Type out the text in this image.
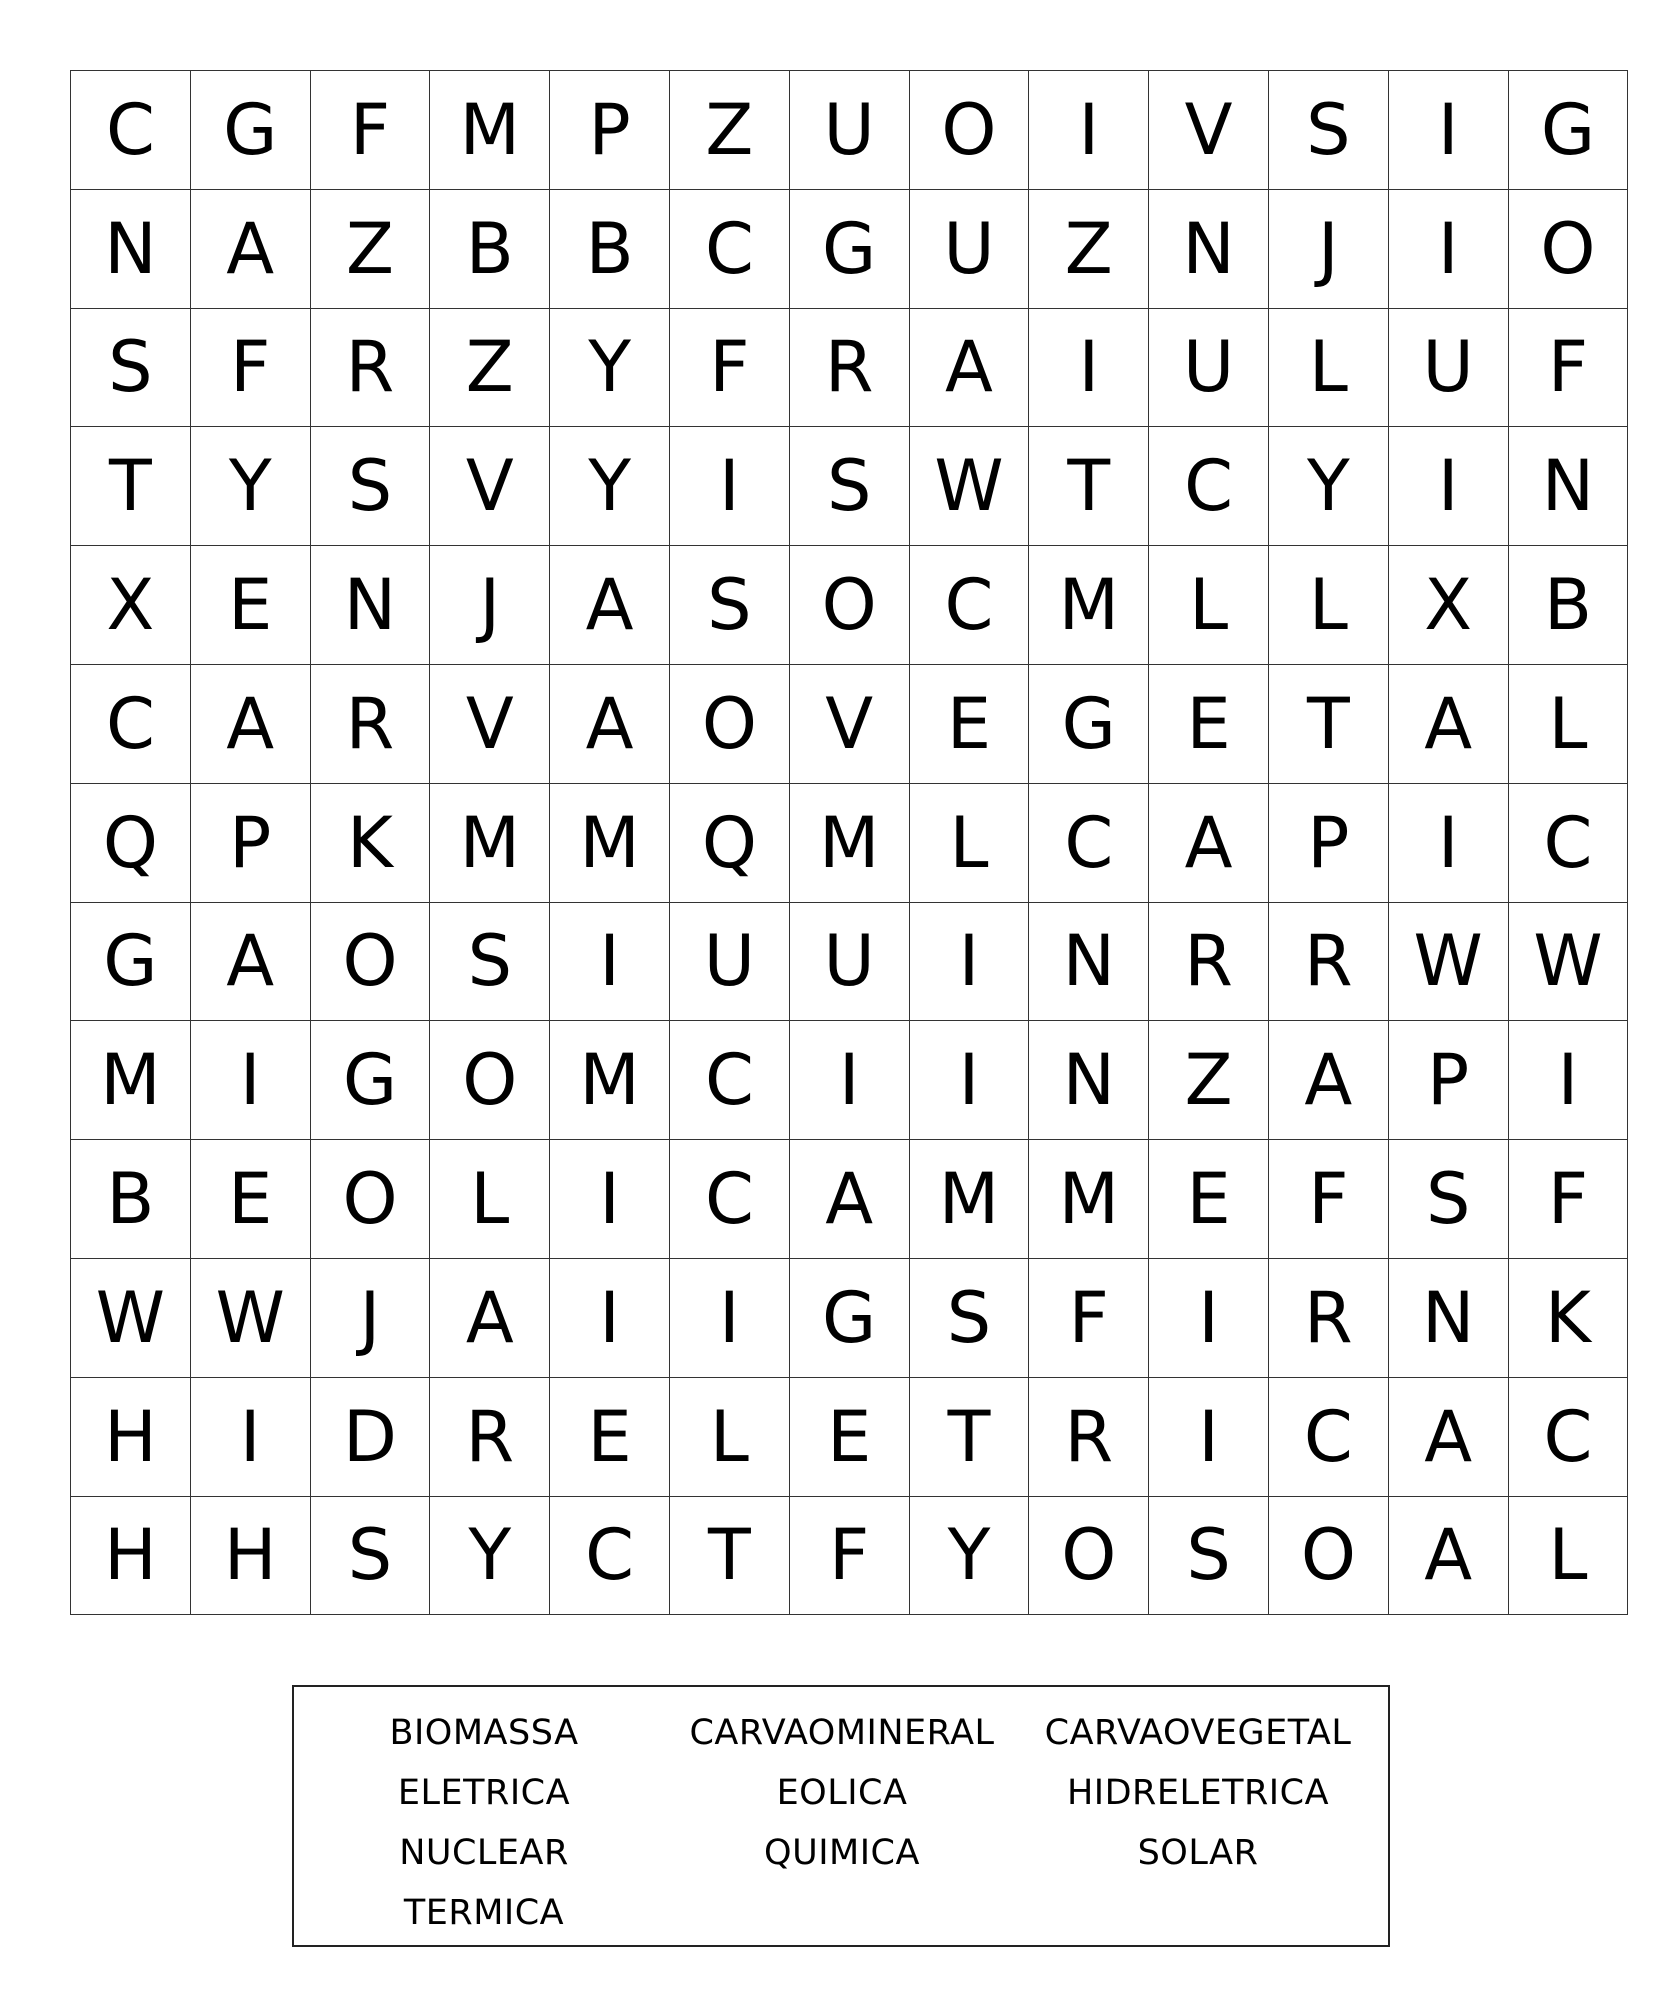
C	G	F	M	P	Z	U	O	I	V	S	I	G
N	A	Z	B	B	C	G	U	Z	N	J	I	O
S	F	R	Z	Y	F	R	A	I	U	L	U	F
T	Y	S	V	Y	I	S	W	T	C	Y	I	N
X	E	N	J	A	S	O	C	M	L	L	X	B
C	A	R	V	A	O	V	E	G	E	T	A	L
Q	P	K	M	M	Q	M	L	C	A	P	I	C
G	A	O	S	I	U	U	I	N	R	R	W	W
M	I	G	O	M	C	I	I	N	Z	A	P	I
B	E	O	L	I	C	A	M	M	E	F	S	F
W	W	J	A	I	I	G	S	F	I	R	N	K
H	I	D	R	E	L	E	T	R	I	C	A	C
H	H	S	Y	C	T	F	Y	O	S	O	A	L
BIOMASSA
ELETRICA
NUCLEAR
TERMICA
CARVAOMINERAL
EOLICA
QUIMICA
CARVAOVEGETAL
HIDRELETRICA
SOLAR
